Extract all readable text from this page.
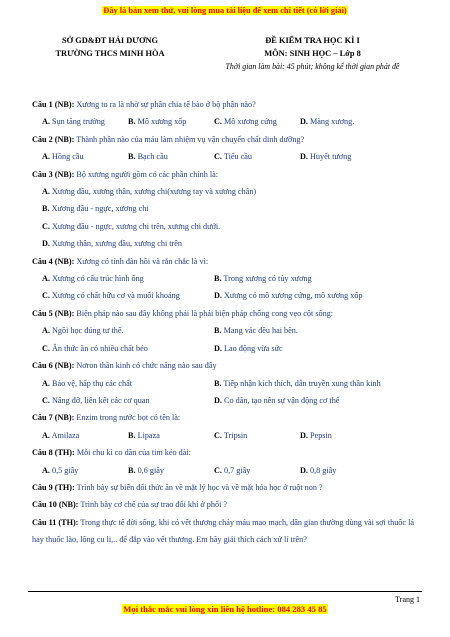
Đây là bản xem thử, vui lòng mua tài liệu để xem chi tiết (có lời giải)
SỞ GD&ĐT HẢI DƯƠNG
TRƯỜNG THCS MINH HÒA
ĐỀ KIỂM TRA HỌC KÌ I
MÔN: SINH HỌC – Lớp 8
Thời gian làm bài: 45 phút; không kể thời gian phát đề
Câu 1 (NB): Xương to ra là nhờ sự phân chia tế bào ở bộ phận nào?
A. Sụn tăng trưởng	B. Mô xương xốp	C. Mô xương cứng	D. Màng xương.
Câu 2 (NB): Thành phần nào của máu làm nhiệm vụ vận chuyển chất dinh dưỡng?
A. Hồng cầu	B. Bạch cầu	C. Tiểu cầu	D. Huyết tương
Câu 3 (NB): Bộ xương người gồm có các phần chính là:
A. Xương đầu, xương thân, xương chi(xương tay và xương chân)
B. Xương đầu - ngực, xương chi
C. Xương đầu - ngực, xương chi trên, xương chi dưới.
D. Xương thân, xương đầu, xương chi trên
Câu 4 (NB): Xương có tính đàn hồi và rắn chắc là vì:
A. Xương có cấu trúc hình ống	B. Trong xương có tủy xương
C. Xương có chất hữu cơ và muối khoáng	D. Xương có mô xương cứng, mô xương xốp
Câu 5 (NB): Biện pháp nào sau đây không phải là phải biện pháp chống cong vẹo cột sống:
A. Ngồi học đúng tư thế.	B. Mang vác đều hai bên.
C. Ăn thức ăn có nhiều chất béo	D. Lao động vừa sức
Câu 6 (NB): Nơron thần kinh có chức năng nào sau đây
A. Bảo vệ, hấp thụ các chất	B. Tiếp nhận kích thích, dẫn truyền xung thần kinh
C. Nâng đỡ, liên kết các cơ quan	D. Co dãn, tạo nên sự vận động cơ thể
Câu 7 (NB): Enzim trong nước bọt có tên là:
A. Amilaza	B. Lipaza	C. Tripsin	D. Pepsin
Câu 8 (TH): Mỗi chu kì co dãn của tim kéo dài:
A. 0,5 giây	B. 0,6 giây	C. 0,7 giây	D. 0,8 giây
Câu 9 (TH): Trình bày sự biến đổi thức ăn về mặt lý học và về mặt hóa học ở ruột non ?
Câu 10 (NB): Trình bày cơ chế của sự trao đổi khí ở phổi ?
Câu 11 (TH): Trong thực tế đời sống, khi có vết thương chảy máu mao mạch, dân gian thường dùng vài sợi thuốc lá hay thuốc lào, lông cu li,.. để đắp vào vết thương. Em hãy giải thích cách xử lí trên?
Trang 1
Mọi thắc mắc vui lòng xin liên hệ hotline: 084 283 45 85
